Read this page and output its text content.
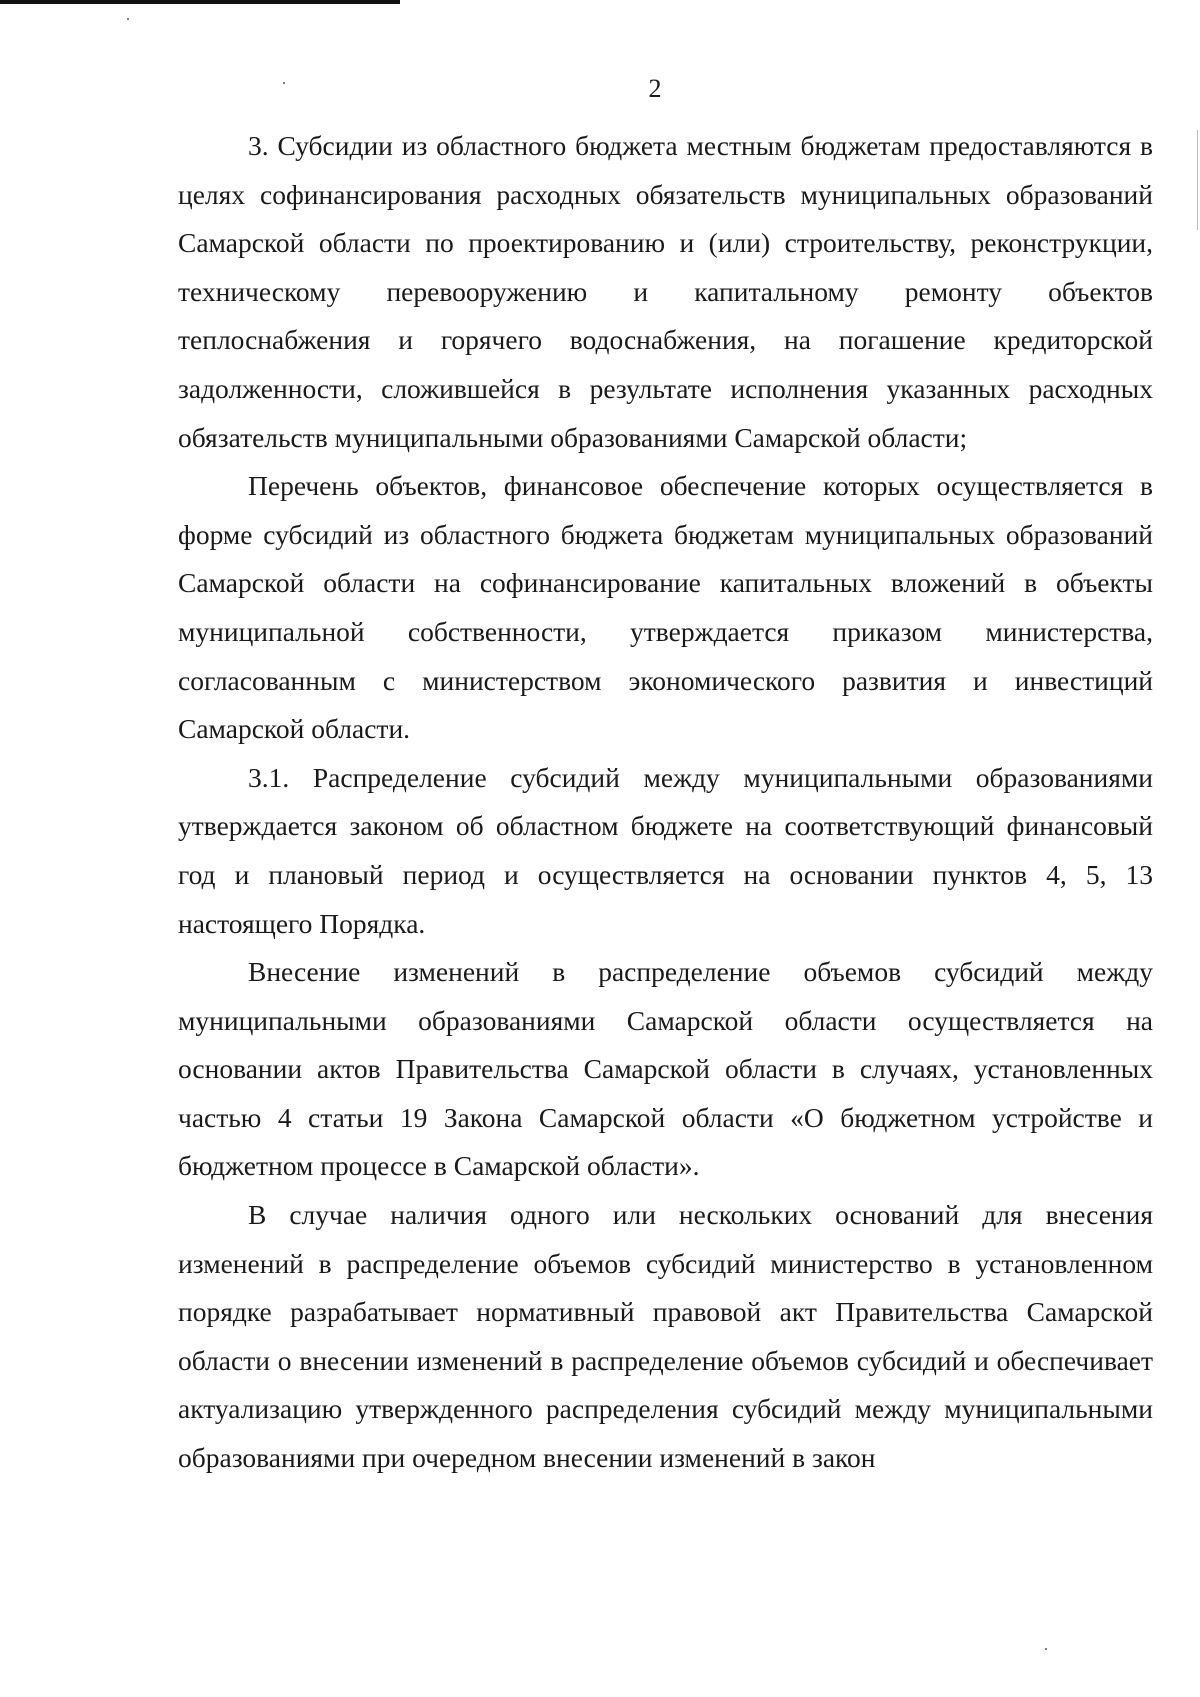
2

3. Субсидии из областного бюджета местным бюджетам предоставляются в целях софинансирования расходных обязательств муниципальных образований Самарской области по проектированию и (или) строительству, реконструкции, техническому перевооружению и капитальному ремонту объектов теплоснабжения и горячего водоснабжения, на погашение кредиторской задолженности, сложившейся в результате исполнения указанных расходных обязательств муниципальными образованиями Самарской области;

Перечень объектов, финансовое обеспечение которых осуществляется в форме субсидий из областного бюджета бюджетам муниципальных образований Самарской области на софинансирование капитальных вложений в объекты муниципальной собственности, утверждается приказом министерства, согласованным с министерством экономического развития и инвестиций Самарской области.

3.1. Распределение субсидий между муниципальными образованиями утверждается законом об областном бюджете на соответствующий финансовый год и плановый период и осуществляется на основании пунктов 4, 5, 13 настоящего Порядка.

Внесение изменений в распределение объемов субсидий между муниципальными образованиями Самарской области осуществляется на основании актов Правительства Самарской области в случаях, установленных частью 4 статьи 19 Закона Самарской области «О бюджетном устройстве и бюджетном процессе в Самарской области».

В случае наличия одного или нескольких оснований для внесения изменений в распределение объемов субсидий министерство в установленном порядке разрабатывает нормативный правовой акт Правительства Самарской области о внесении изменений в распределение объемов субсидий и обеспечивает актуализацию утвержденного распределения субсидий между муниципальными образованиями при очередном внесении изменений в закон
